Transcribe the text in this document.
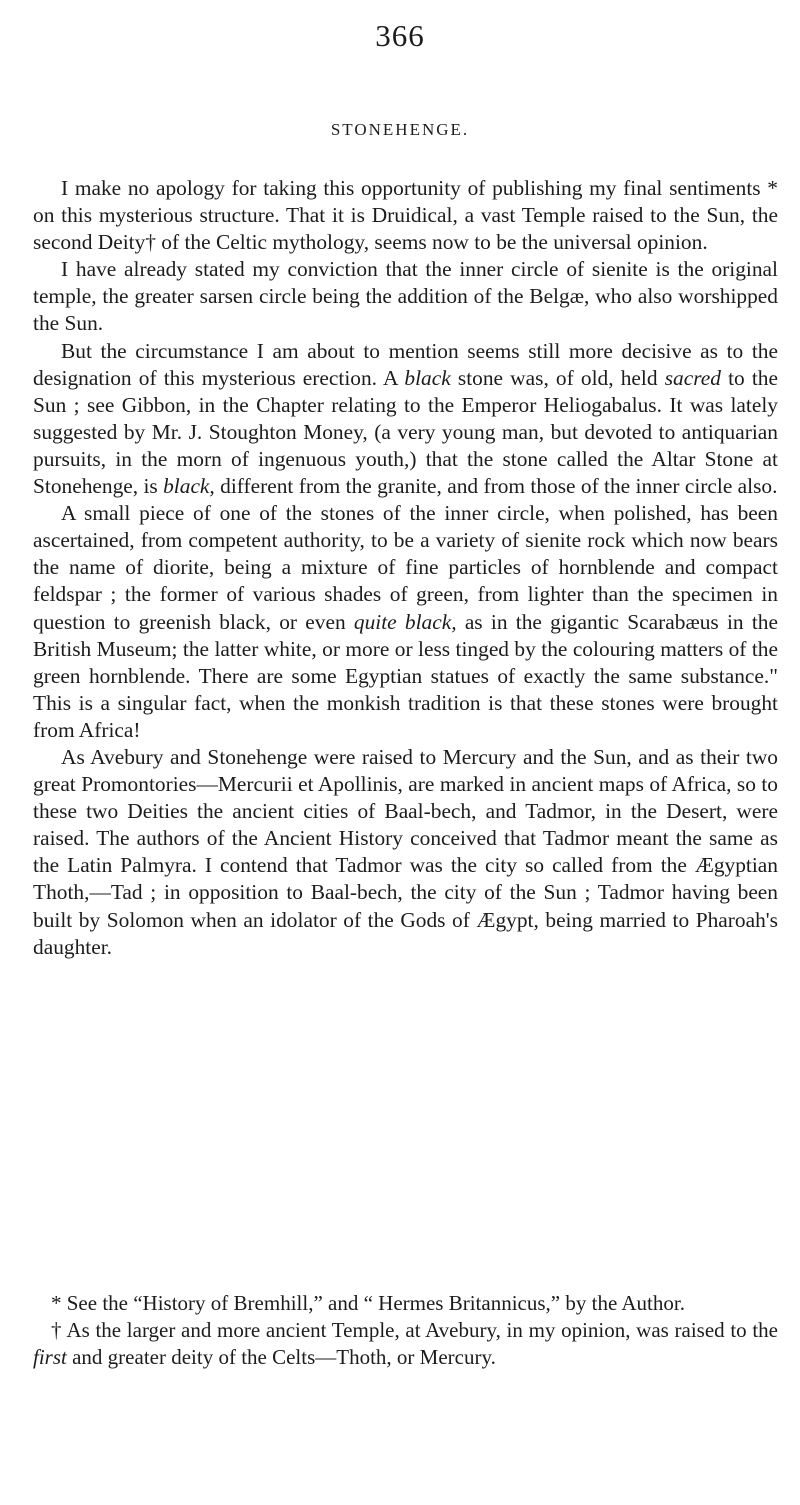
366
STONEHENGE.

I make no apology for taking this opportunity of publishing my final sentiments * on this mysterious structure. That it is Druidical, a vast Temple raised to the Sun, the second Deity† of the Celtic mythology, seems now to be the universal opinion.

I have already stated my conviction that the inner circle of sienite is the original temple, the greater sarsen circle being the addition of the Belgæ, who also worshipped the Sun.

But the circumstance I am about to mention seems still more decisive as to the designation of this mysterious erection. A black stone was, of old, held sacred to the Sun ; see Gibbon, in the Chapter relating to the Emperor Heliogabalus. It was lately suggested by Mr. J. Stoughton Money, (a very young man, but devoted to antiquarian pursuits, in the morn of ingenuous youth,) that the stone called the Altar Stone at Stonehenge, is black, different from the granite, and from those of the inner circle also.

A small piece of one of the stones of the inner circle, when polished, has been ascertained, from competent authority, to be a variety of sienite rock which now bears the name of diorite, being a mixture of fine particles of hornblende and compact feldspar ; the former of various shades of green, from lighter than the specimen in question to greenish black, or even quite black, as in the gigantic Scarabæus in the British Museum; the latter white, or more or less tinged by the colouring matters of the green hornblende. There are some Egyptian statues of exactly the same substance." This is a singular fact, when the monkish tradition is that these stones were brought from Africa!

As Avebury and Stonehenge were raised to Mercury and the Sun, and as their two great Promontories—Mercurii et Apollinis, are marked in ancient maps of Africa, so to these two Deities the ancient cities of Baal-bech, and Tadmor, in the Desert, were raised. The authors of the Ancient History conceived that Tadmor meant the same as the Latin Palmyra. I contend that Tadmor was the city so called from the Ægyptian Thoth,—Tad ; in opposition to Baal-bech, the city of the Sun ; Tadmor having been built by Solomon when an idolator of the Gods of Ægypt, being married to Pharoah's daughter.

* See the “History of Bremhill,” and “ Hermes Britannicus,” by the Author.

† As the larger and more ancient Temple, at Avebury, in my opinion, was raised to the first and greater deity of the Celts—Thoth, or Mercury.
